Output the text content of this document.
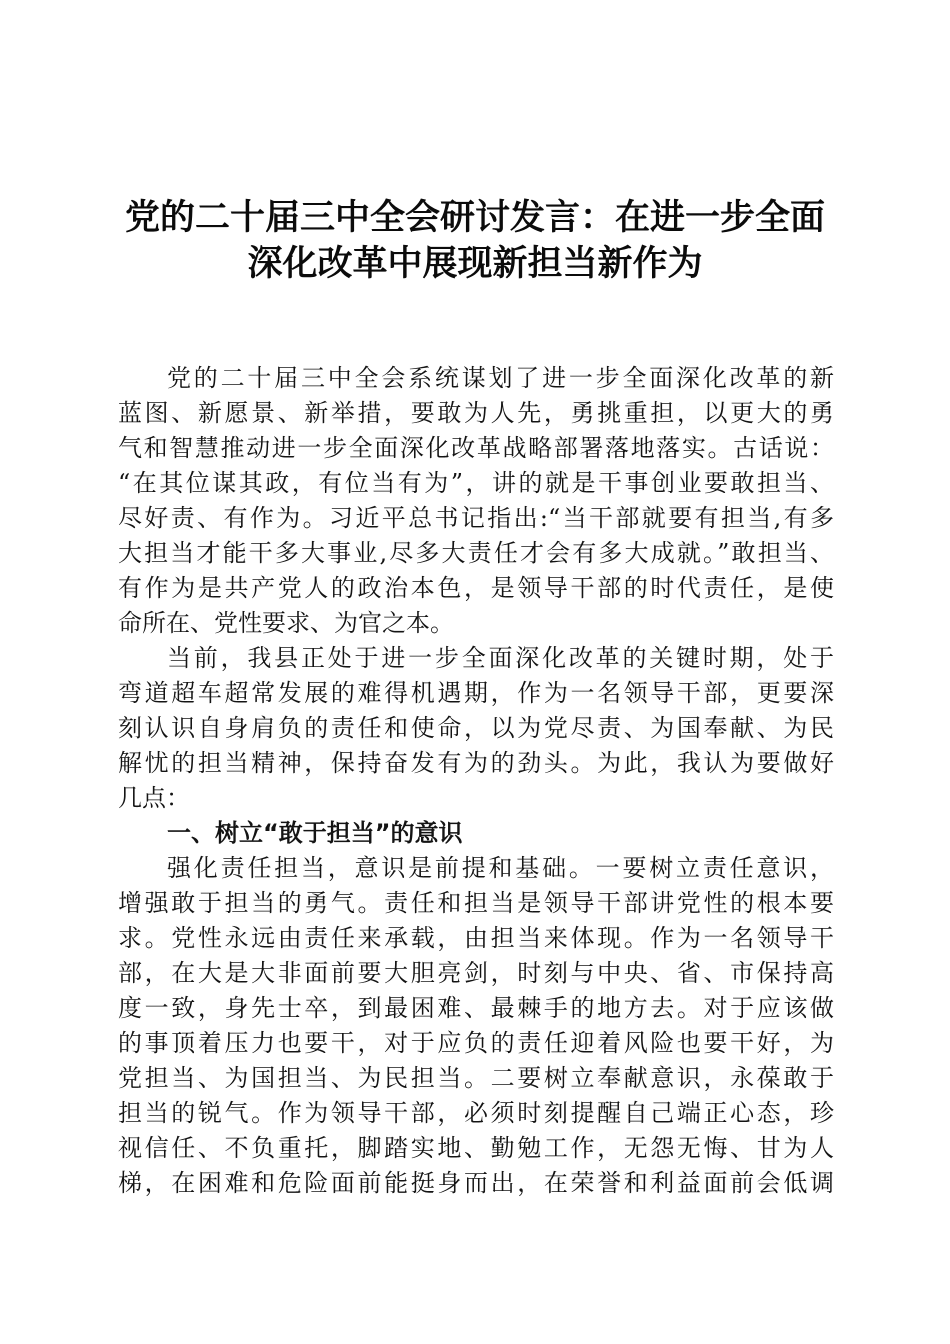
党的二十届三中全会研讨发言：在进一步全面
深化改革中展现新担当新作为
党的二十届三中全会系统谋划了进一步全面深化改革的新
蓝图、新愿景、新举措，要敢为人先，勇挑重担，以更大的勇
气和智慧推动进一步全面深化改革战略部署落地落实。古话说：
“在其位谋其政，有位当有为”，讲的就是干事创业要敢担当、
尽好责、有作为。习近平总书记指出:“当干部就要有担当,有多
大担当才能干多大事业,尽多大责任才会有多大成就。”敢担当、
有作为是共产党人的政治本色，是领导干部的时代责任，是使
命所在、党性要求、为官之本。
当前，我县正处于进一步全面深化改革的关键时期，处于
弯道超车超常发展的难得机遇期，作为一名领导干部，更要深
刻认识自身肩负的责任和使命，以为党尽责、为国奉献、为民
解忧的担当精神，保持奋发有为的劲头。为此，我认为要做好
几点：
一、树立“敢于担当”的意识
强化责任担当，意识是前提和基础。一要树立责任意识，
增强敢于担当的勇气。责任和担当是领导干部讲党性的根本要
求。党性永远由责任来承载，由担当来体现。作为一名领导干
部，在大是大非面前要大胆亮剑，时刻与中央、省、市保持高
度一致，身先士卒，到最困难、最棘手的地方去。对于应该做
的事顶着压力也要干，对于应负的责任迎着风险也要干好，为
党担当、为国担当、为民担当。二要树立奉献意识，永葆敢于
担当的锐气。作为领导干部，必须时刻提醒自己端正心态，珍
视信任、不负重托，脚踏实地、勤勉工作，无怨无悔、甘为人
梯，在困难和危险面前能挺身而出，在荣誉和利益面前会低调
